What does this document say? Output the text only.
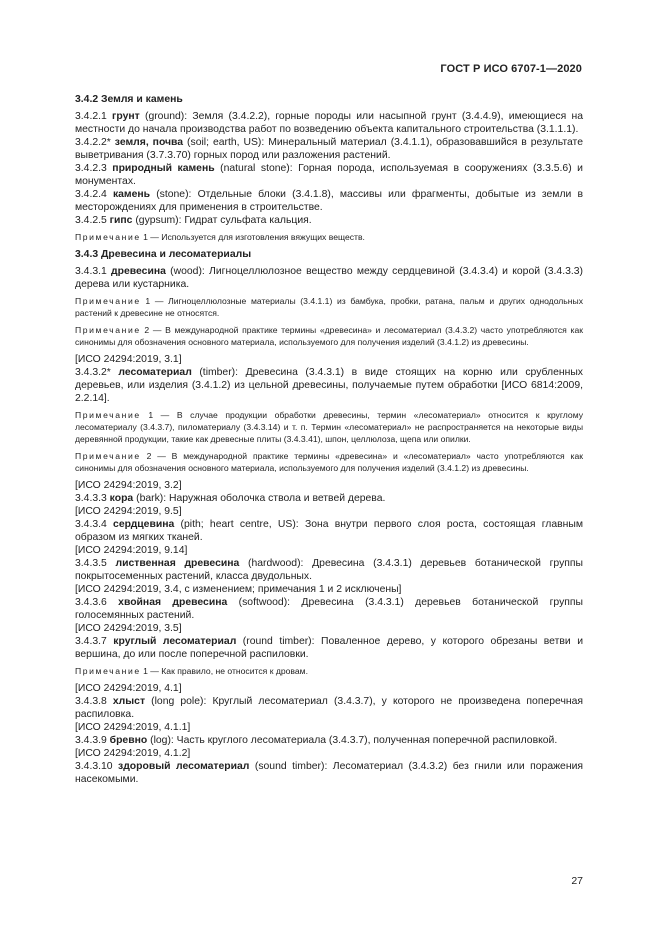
ГОСТ Р ИСО 6707-1—2020
3.4.2 Земля и камень
3.4.2.1 грунт (ground): Земля (3.4.2.2), горные породы или насыпной грунт (3.4.4.9), имеющиеся на местности до начала производства работ по возведению объекта капитального строительства (3.1.1.1).
3.4.2.2* земля, почва (soil; earth, US): Минеральный материал (3.4.1.1), образовавшийся в результате выветривания (3.7.3.70) горных пород или разложения растений.
3.4.2.3 природный камень (natural stone): Горная порода, используемая в сооружениях (3.3.5.6) и монументах.
3.4.2.4 камень (stone): Отдельные блоки (3.4.1.8), массивы или фрагменты, добытые из земли в месторождениях для применения в строительстве.
3.4.2.5 гипс (gypsum): Гидрат сульфата кальция.
Примечание 1 — Используется для изготовления вяжущих веществ.
3.4.3 Древесина и лесоматериалы
3.4.3.1 древесина (wood): Лигноцеллюлозное вещество между сердцевиной (3.4.3.4) и корой (3.4.3.3) дерева или кустарника.
Примечание 1 — Лигноцеллюлозные материалы (3.4.1.1) из бамбука, пробки, ратана, пальм и других однодольных растений к древесине не относятся.
Примечание 2 — В международной практике термины «древесина» и лесоматериал (3.4.3.2) часто употребляются как синонимы для обозначения основного материала, используемого для получения изделий (3.4.1.2) из древесины.
[ИСО 24294:2019, 3.1]
3.4.3.2* лесоматериал (timber): Древесина (3.4.3.1) в виде стоящих на корню или срубленных деревьев, или изделия (3.4.1.2) из цельной древесины, получаемые путем обработки [ИСО 6814:2009, 2.2.14].
Примечание 1 — В случае продукции обработки древесины, термин «лесоматериал» относится к круглому лесоматериалу (3.4.3.7), пиломатериалу (3.4.3.14) и т. п. Термин «лесоматериал» не распространяется на некоторые виды деревянной продукции, такие как древесные плиты (3.4.3.41), шпон, целлюлоза, щепа или опилки.
Примечание 2 — В международной практике термины «древесина» и «лесоматериал» часто употребляются как синонимы для обозначения основного материала, используемого для получения изделий (3.4.1.2) из древесины.
[ИСО 24294:2019, 3.2]
3.4.3.3 кора (bark): Наружная оболочка ствола и ветвей дерева.
[ИСО 24294:2019, 9.5]
3.4.3.4 сердцевина (pith; heart centre, US): Зона внутри первого слоя роста, состоящая главным образом из мягких тканей.
[ИСО 24294:2019, 9.14]
3.4.3.5 лиственная древесина (hardwood): Древесина (3.4.3.1) деревьев ботанической группы покрытосеменных растений, класса двудольных.
[ИСО 24294:2019, 3.4, с изменением; примечания 1 и 2 исключены]
3.4.3.6 хвойная древесина (softwood): Древесина (3.4.3.1) деревьев ботанической группы голосемянных растений.
[ИСО 24294:2019, 3.5]
3.4.3.7 круглый лесоматериал (round timber): Поваленное дерево, у которого обрезаны ветви и вершина, до или после поперечной распиловки.
Примечание 1 — Как правило, не относится к дровам.
[ИСО 24294:2019, 4.1]
3.4.3.8 хлыст (long pole): Круглый лесоматериал (3.4.3.7), у которого не произведена поперечная распиловка.
[ИСО 24294:2019, 4.1.1]
3.4.3.9 бревно (log): Часть круглого лесоматериала (3.4.3.7), полученная поперечной распиловкой.
[ИСО 24294:2019, 4.1.2]
3.4.3.10 здоровый лесоматериал (sound timber): Лесоматериал (3.4.3.2) без гнили или поражения насекомыми.
27
